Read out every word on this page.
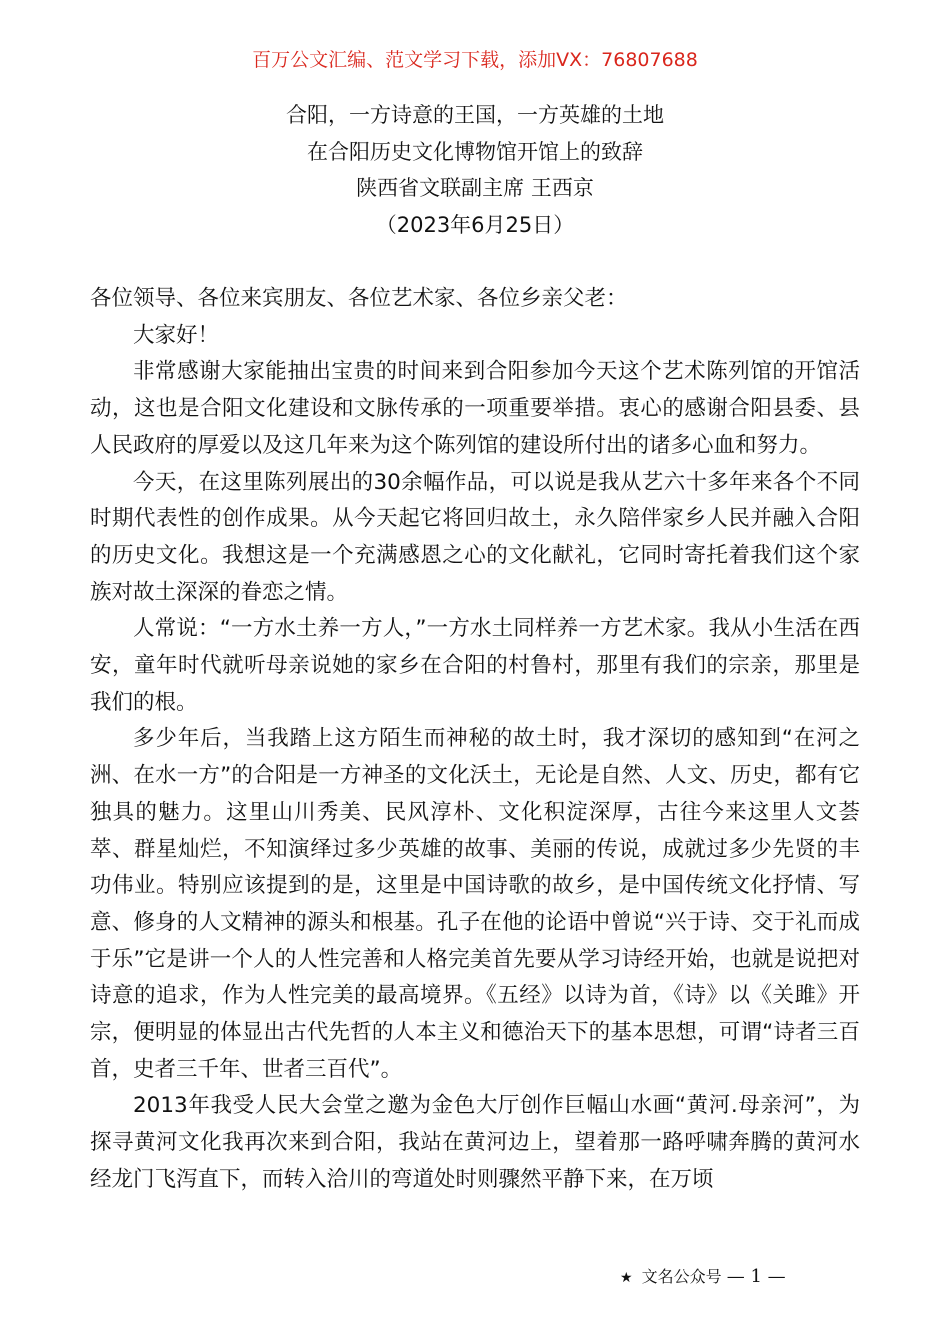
百万公文汇编、范文学习下载，添加VX：76807688
合阳，一方诗意的王国，一方英雄的土地
在合阳历史文化博物馆开馆上的致辞
陕西省文联副主席 王西京
（2023年6月25日）

各位领导、各位来宾朋友、各位艺术家、各位乡亲父老：

大家好！

非常感谢大家能抽出宝贵的时间来到合阳参加今天这个艺术陈列馆的开馆活动，这也是合阳文化建设和文脉传承的一项重要举措。衷心的感谢合阳县委、县人民政府的厚爱以及这几年来为这个陈列馆的建设所付出的诸多心血和努力。

今天，在这里陈列展出的30余幅作品，可以说是我从艺六十多年来各个不同时期代表性的创作成果。从今天起它将回归故土，永久陪伴家乡人民并融入合阳的历史文化。我想这是一个充满感恩之心的文化献礼，它同时寄托着我们这个家族对故土深深的眷恋之情。

人常说：“一方水土养一方人，”一方水土同样养一方艺术家。我从小生活在西安，童年时代就听母亲说她的家乡在合阳的村鲁村，那里有我们的宗亲，那里是我们的根。

多少年后，当我踏上这方陌生而神秘的故土时，我才深切的感知到“在河之洲、在水一方”的合阳是一方神圣的文化沃土，无论是自然、人文、历史，都有它独具的魅力。这里山川秀美、民风淳朴、文化积淀深厚，古往今来这里人文荟萃、群星灿烂，不知演绎过多少英雄的故事、美丽的传说，成就过多少先贤的丰功伟业。特别应该提到的是，这里是中国诗歌的故乡，是中国传统文化抒情、写意、修身的人文精神的源头和根基。孔子在他的论语中曾说“兴于诗、交于礼而成于乐”它是讲一个人的人性完善和人格完美首先要从学习诗经开始，也就是说把对诗意的追求，作为人性完美的最高境界。《五经》以诗为首，《诗》以《关雎》开宗，便明显的体显出古代先哲的人本主义和德治天下的基本思想，可谓“诗者三百首，史者三千年、世者三百代”。

2013年我受人民大会堂之邀为金色大厅创作巨幅山水画“黄河.母亲河”，为探寻黄河文化我再次来到合阳，我站在黄河边上，望着那一路呼啸奔腾的黄河水经龙门飞泻直下，而转入洽川的弯道处时则骤然平静下来，在万顷

★ 文名公众号 — 1 —
